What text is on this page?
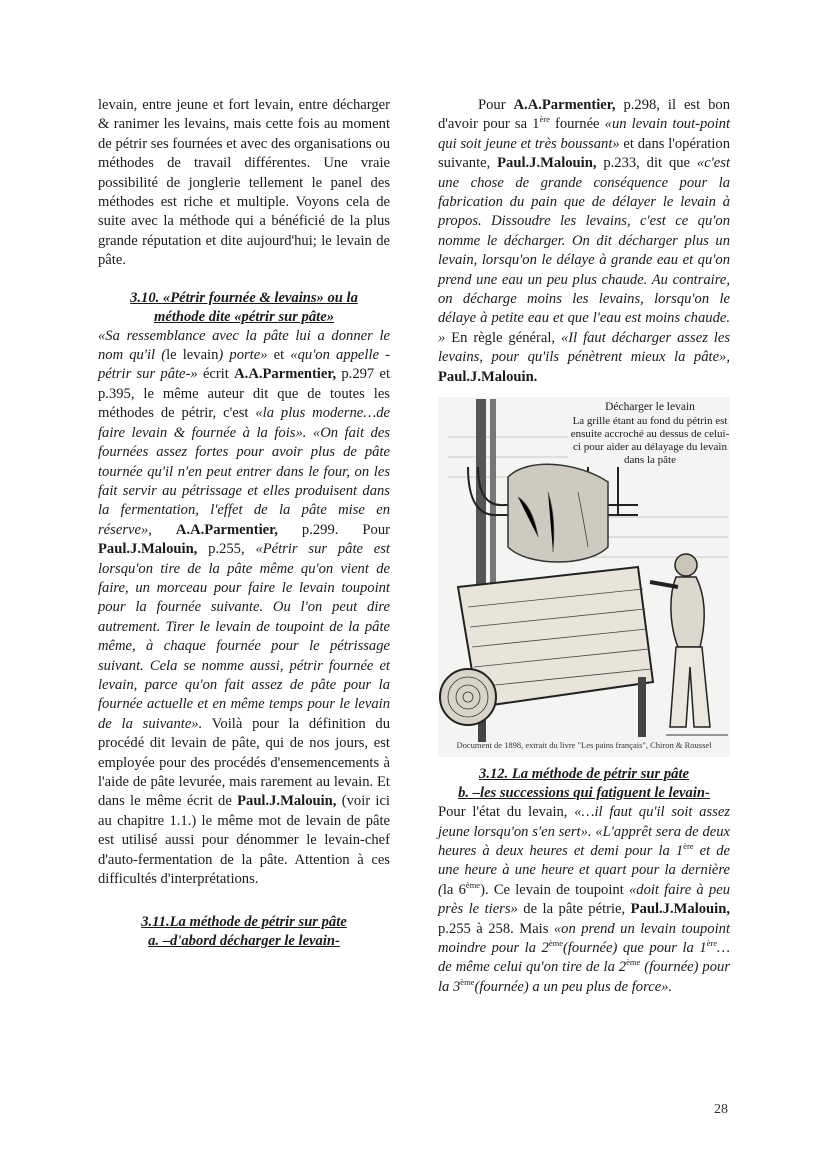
levain, entre jeune et fort levain, entre décharger & ranimer les levains, mais cette fois au moment de pétrir ses fournées et avec des organisations ou méthodes de travail différentes. Une vraie possibilité de jonglerie tellement le panel des méthodes est riche et multiple. Voyons cela de suite avec la méthode qui a bénéficié de la plus grande réputation et dite aujourd'hui; le levain de pâte.

3.10. «Pétrir fournée & levains» ou la
méthode dite «pétrir sur pâte»

«Sa ressemblance avec la pâte lui a donner le nom qu'il (le levain) porte» et «qu'on appelle -pétrir sur pâte-» écrit A.A.Parmentier, p.297 et p.395, le même auteur dit que de toutes les méthodes de pétrir, c'est «la plus moderne…de faire levain & fournée à la fois». «On fait des fournées assez fortes pour avoir plus de pâte tournée qu'il n'en peut entrer dans le four, on les fait servir au pétrissage et elles produisent dans la fermentation, l'effet de la pâte mise en réserve», A.A.Parmentier, p.299. Pour Paul.J.Malouin, p.255, «Pétrir sur pâte est lorsqu'on tire de la pâte même qu'on vient de faire, un morceau pour faire le levain toupoint pour la fournée suivante. Ou l'on peut dire autrement. Tirer le levain de toupoint de la pâte même, à chaque fournée pour le pétrissage suivant. Cela se nomme aussi, pétrir fournée et levain, parce qu'on fait assez de pâte pour la fournée actuelle et en même temps pour le levain de la suivante». Voilà pour la définition du procédé dit levain de pâte, qui de nos jours, est employée pour des procédés d'ensemencements à l'aide de pâte levurée, mais rarement au levain. Et dans le même écrit de Paul.J.Malouin, (voir ici au chapitre 1.1.) le même mot de levain de pâte est utilisé aussi pour dénommer le levain-chef d'auto-fermentation de la pâte. Attention à ces difficultés d'interprétations.

3.11.La méthode de pétrir sur pâte
a. –d'abord décharger le levain-

Pour A.A.Parmentier, p.298, il est bon d'avoir pour sa 1ère fournée «un levain tout-point qui soit jeune et très boussant» et dans l'opération suivante, Paul.J.Malouin, p.233, dit que «c'est une chose de grande conséquence pour la fabrication du pain que de délayer le levain à propos. Dissoudre les levains, c'est ce qu'on nomme le décharger. On dit décharger plus un levain, lorsqu'on le délaye à grande eau et qu'on prend une eau un peu plus chaude. Au contraire, on décharge moins les levains, lorsqu'on le délaye à petite eau et que l'eau est moins chaude. » En règle général, «Il faut décharger assez les levains, pour qu'ils pénètrent mieux la pâte», Paul.J.Malouin.

Décharger le levain
La grille étant au fond du pétrin est ensuite accroché au dessus de celui-ci pour aider au délayage du levain dans la pâte
Document de 1898, extrait du livre "Les pains français", Chiron & Roussel
3.12. La méthode de pétrir sur pâte
b. –les successions qui fatiguent le levain-

Pour l'état du levain, «…il faut qu'il soit assez jeune lorsqu'on s'en sert». «L'apprêt sera de deux heures à deux heures et demi pour la 1ère et de une heure à une heure et quart pour la dernière (la 6ème). Ce levain de toupoint «doit faire à peu près le tiers» de la pâte pétrie, Paul.J.Malouin, p.255 à 258. Mais «on prend un levain toupoint moindre pour la 2ème(fournée) que pour la 1ère…de même celui qu'on tire de la 2ème (fournée) pour la 3ème(fournée) a un peu plus de force».

28
